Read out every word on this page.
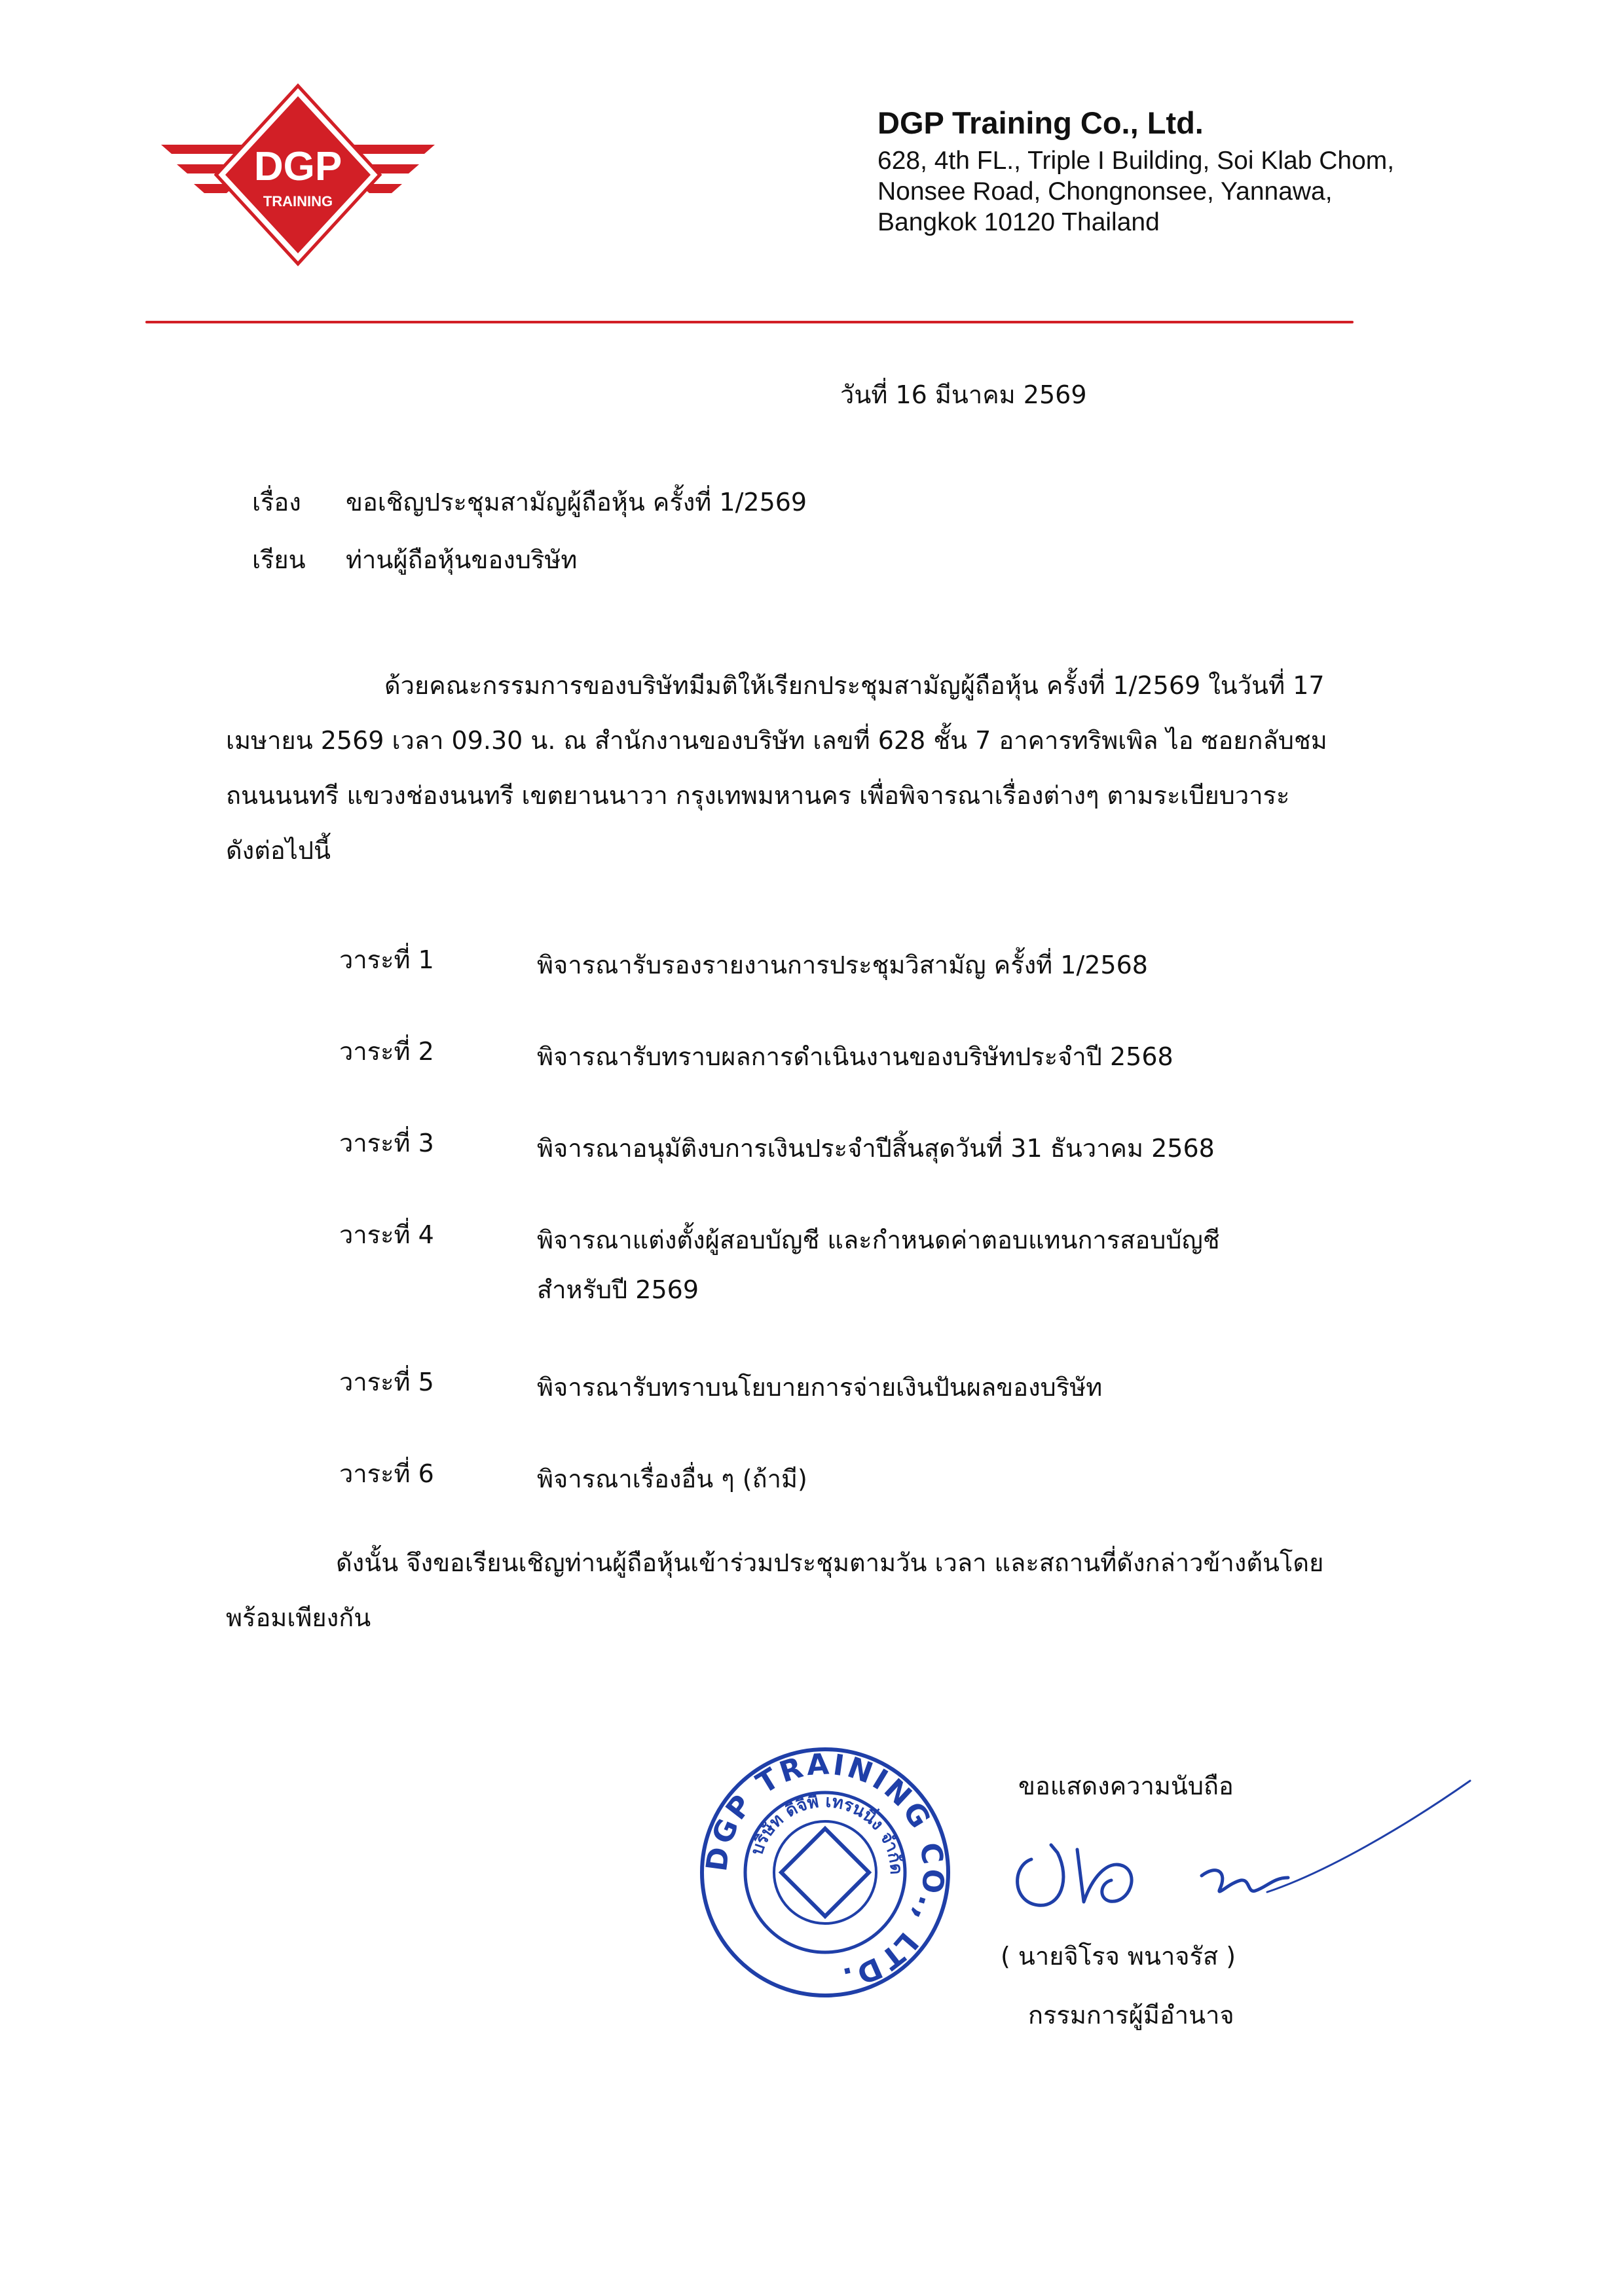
DGP
TRAINING
DGP Training Co., Ltd.
628, 4th FL., Triple I Building, Soi Klab Chom,
Nonsee Road, Chongnonsee, Yannawa,
Bangkok 10120 Thailand
วันที่ 16 มีนาคม 2569
เรื่อง ขอเชิญประชุมสามัญผู้ถือหุ้น ครั้งที่ 1/2569
เรียน ท่านผู้ถือหุ้นของบริษัท
ด้วยคณะกรรมการของบริษัทมีมติให้เรียกประชุมสามัญผู้ถือหุ้น ครั้งที่ 1/2569 ในวันที่ 17
เมษายน 2569 เวลา 09.30 น. ณ สำนักงานของบริษัท เลขที่ 628 ชั้น 7 อาคารทริพเพิล ไอ ซอยกลับชม
ถนนนนทรี แขวงช่องนนทรี เขตยานนาวา กรุงเทพมหานคร เพื่อพิจารณาเรื่องต่างๆ ตามระเบียบวาระ
ดังต่อไปนี้
วาระที่ 1	พิจารณารับรองรายงานการประชุมวิสามัญ ครั้งที่ 1/2568
วาระที่ 2	พิจารณารับทราบผลการดำเนินงานของบริษัทประจำปี 2568
วาระที่ 3	พิจารณาอนุมัติงบการเงินประจำปีสิ้นสุดวันที่ 31 ธันวาคม 2568
วาระที่ 4	พิจารณาแต่งตั้งผู้สอบบัญชี และกำหนดค่าตอบแทนการสอบบัญชี
สำหรับปี 2569
วาระที่ 5	พิจารณารับทราบนโยบายการจ่ายเงินปันผลของบริษัท
วาระที่ 6	พิจารณาเรื่องอื่น ๆ (ถ้ามี)
ดังนั้น จึงขอเรียนเชิญท่านผู้ถือหุ้นเข้าร่วมประชุมตามวัน เวลา และสถานที่ดังกล่าวข้างต้นโดย
พร้อมเพียงกัน
DGP TRAINING CO., LTD.
บริษัท ดีจีพี เทรนนิ่ง จำกัด
ขอแสดงความนับถือ
( นายจิโรจ พนาจรัส )
กรรมการผู้มีอำนาจ
